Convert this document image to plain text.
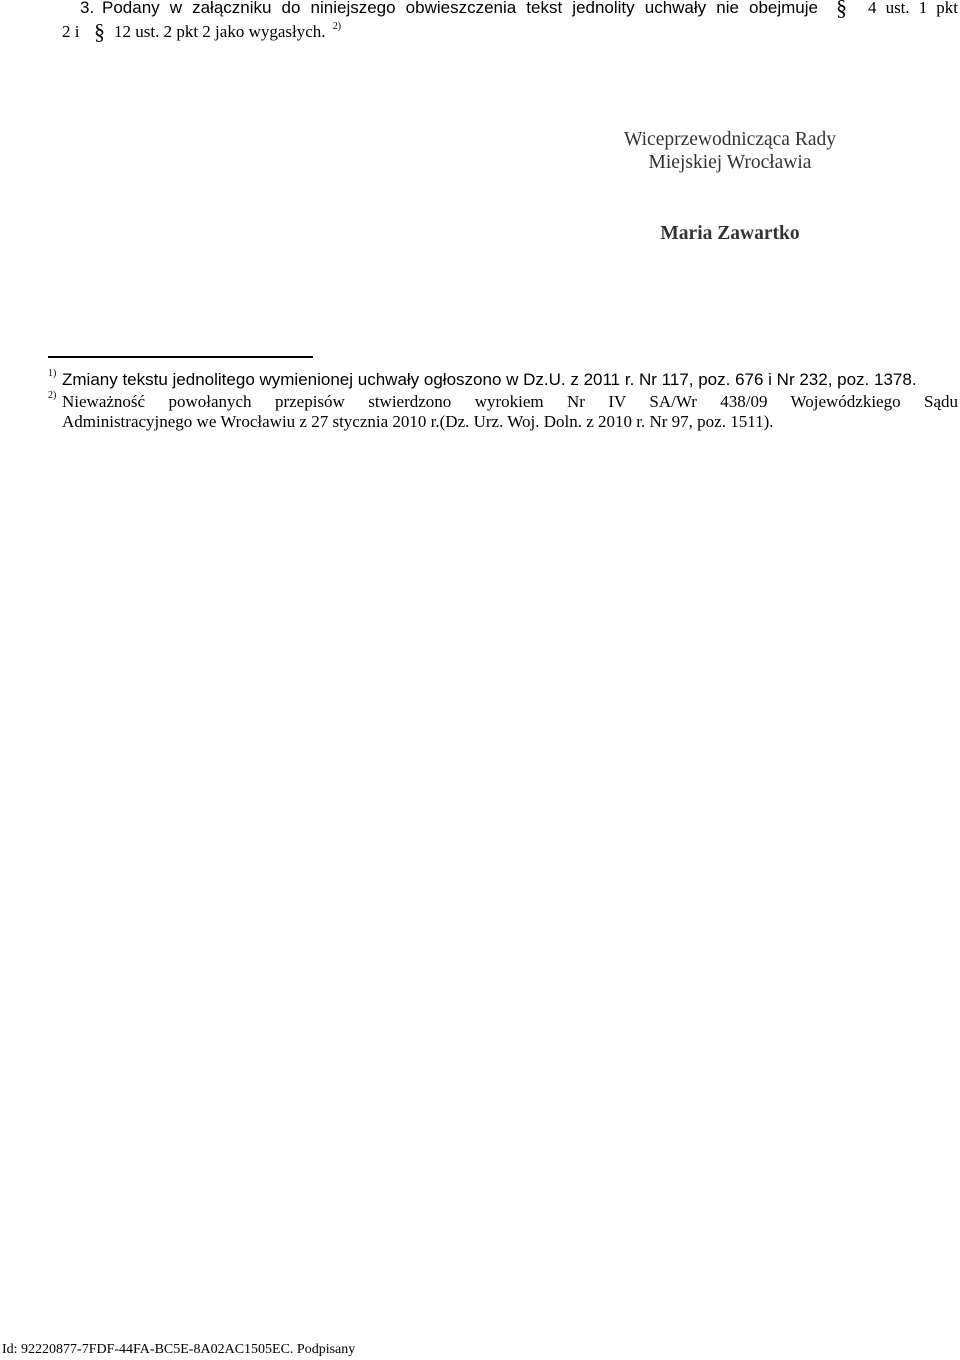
3. Podany w załączniku do niniejszego obwieszczenia tekst jednolity uchwały nie obejmuje § 4 ust. 1 pkt
2 i § 12 ust. 2 pkt 2 jako wygasłych. $^{2)}$
Wiceprzewodnicząca Rady
Miejskiej Wrocławia
Maria Zawartko
1) Zmiany tekstu jednolitego wymienionej uchwały ogłoszono w Dz.U. z 2011 r. Nr 117, poz. 676 i Nr 232, poz. 1378.
2) Nieważność powołanych przepisów stwierdzono wyrokiem Nr IV SA/Wr 438/09 Wojewódzkiego Sądu
Administracyjnego we Wrocławiu z 27 stycznia 2010 r.(Dz. Urz. Woj. Doln. z 2010 r. Nr 97, poz. 1511).
Id: 92220877-7FDF-44FA-BC5E-8A02AC1505EC. Podpisany
